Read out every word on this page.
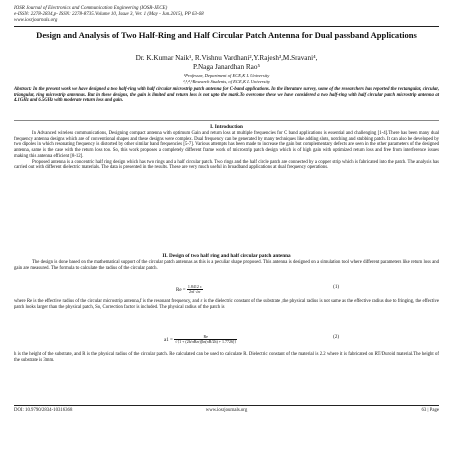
IOSR Journal of Electronics and Communication Engineering (IOSR-JECE)
e-ISSN: 2278-2834,p- ISSN: 2278-8735.Volume 10, Issue 3, Ver. 1 (May - Jun.2015), PP 63-68
www.iosrjournals.org
Design and Analysis of Two Half-Ring and Half Circular Patch Antenna for Dual passband Applications
Dr. K.Kumar Naik¹, R.Vishnu Vardhani²,Y.Rajesh³,M.Sravani⁴,
P.Naga Janardhan Rao⁵
¹Professor, Department of ECE,K L University
²,³,⁴,⁵Research Students, of ECE,K L University
Abstract: In the present work we have designed a two half-ring with half circular microstrip patch antenna for C-band applications. In the literature survey, some of the researchers has reported the rectangular, circular, triangular, ring microstrip antennas. But in these designs, the gain is limited and return loss is not upto the mark.To overcome these we have considered a two half-ring with half circular patch microstrip antenna at 4.1GHz and 6.5GHz with moderate return loss and gain.
I. Introduction

In Advanced wireless communications, Designing compact antenna with optimum Gain and return loss at multiple frequencies for C band applications is essential and challenging [1-4].There has been many dual frequency antenna designs which are of conventional shapes and these designs were complex. Dual frequency can be generated by many techniques like adding slots, notching and stubbing patch. It can also be developed by two dipoles in which resonating frequency is distorted by other similar band frequencies [5-7]. Various attempts has been made to increase the gain but complementary defects are seen in the other parameters of the designed antenna, same is the case with the return loss too. So, this work proposes a completely different frame work of microstrip patch design which is of high gain with optimized return loss and free from interference issues making this antenna efficient [8-12].

Proposed antenna is a concentric half ring design which has two rings and a half circular patch. Two rings and the half circle patch are connected by a copper strip which is fabricated into the patch. The analysis has carried out with different dielectric materials. The data is presented in the results. These are very much useful in broadband applications at dual frequency operations.

II. Design of two half ring and half circular patch antenna

The design is done based on the mathematical support of the circular patch antennas as this is a peculiar shape proposed. This antenna is designed on a simulation tool where different parameters like return loss and gain are measured. The formula to calculate the radius of the circular patch.

$Re = \frac{1.8412 c}{2\pi f √\varepsilon r}$	(1)

where Re is the effective radius of the circular microstrip antenna,f is the resonant frequency, and ε is the dielectric constant of the substrate ,the physical radius is not same as the effective radius due to fringing, the effective patch looks larger than the physical patch, So, Correction factor is included. The physical radius of the patch is

$a1 = \frac{Re}{\text{√\{1 + (2h/πRεr)[ln(πR/2h) + 1.7726]\}}}$	(2)

h is the height of the substrate, and R is the physical radius of the circular patch. Re calculated can be used to calculate R. Dielectric constant of the material is 2.2 where it is fabricated on RT/Duroid material.The height of the substrate is 3mm.

DOI: 10.9790/2834-10316368	www.iosrjournals.org	63 | Page
